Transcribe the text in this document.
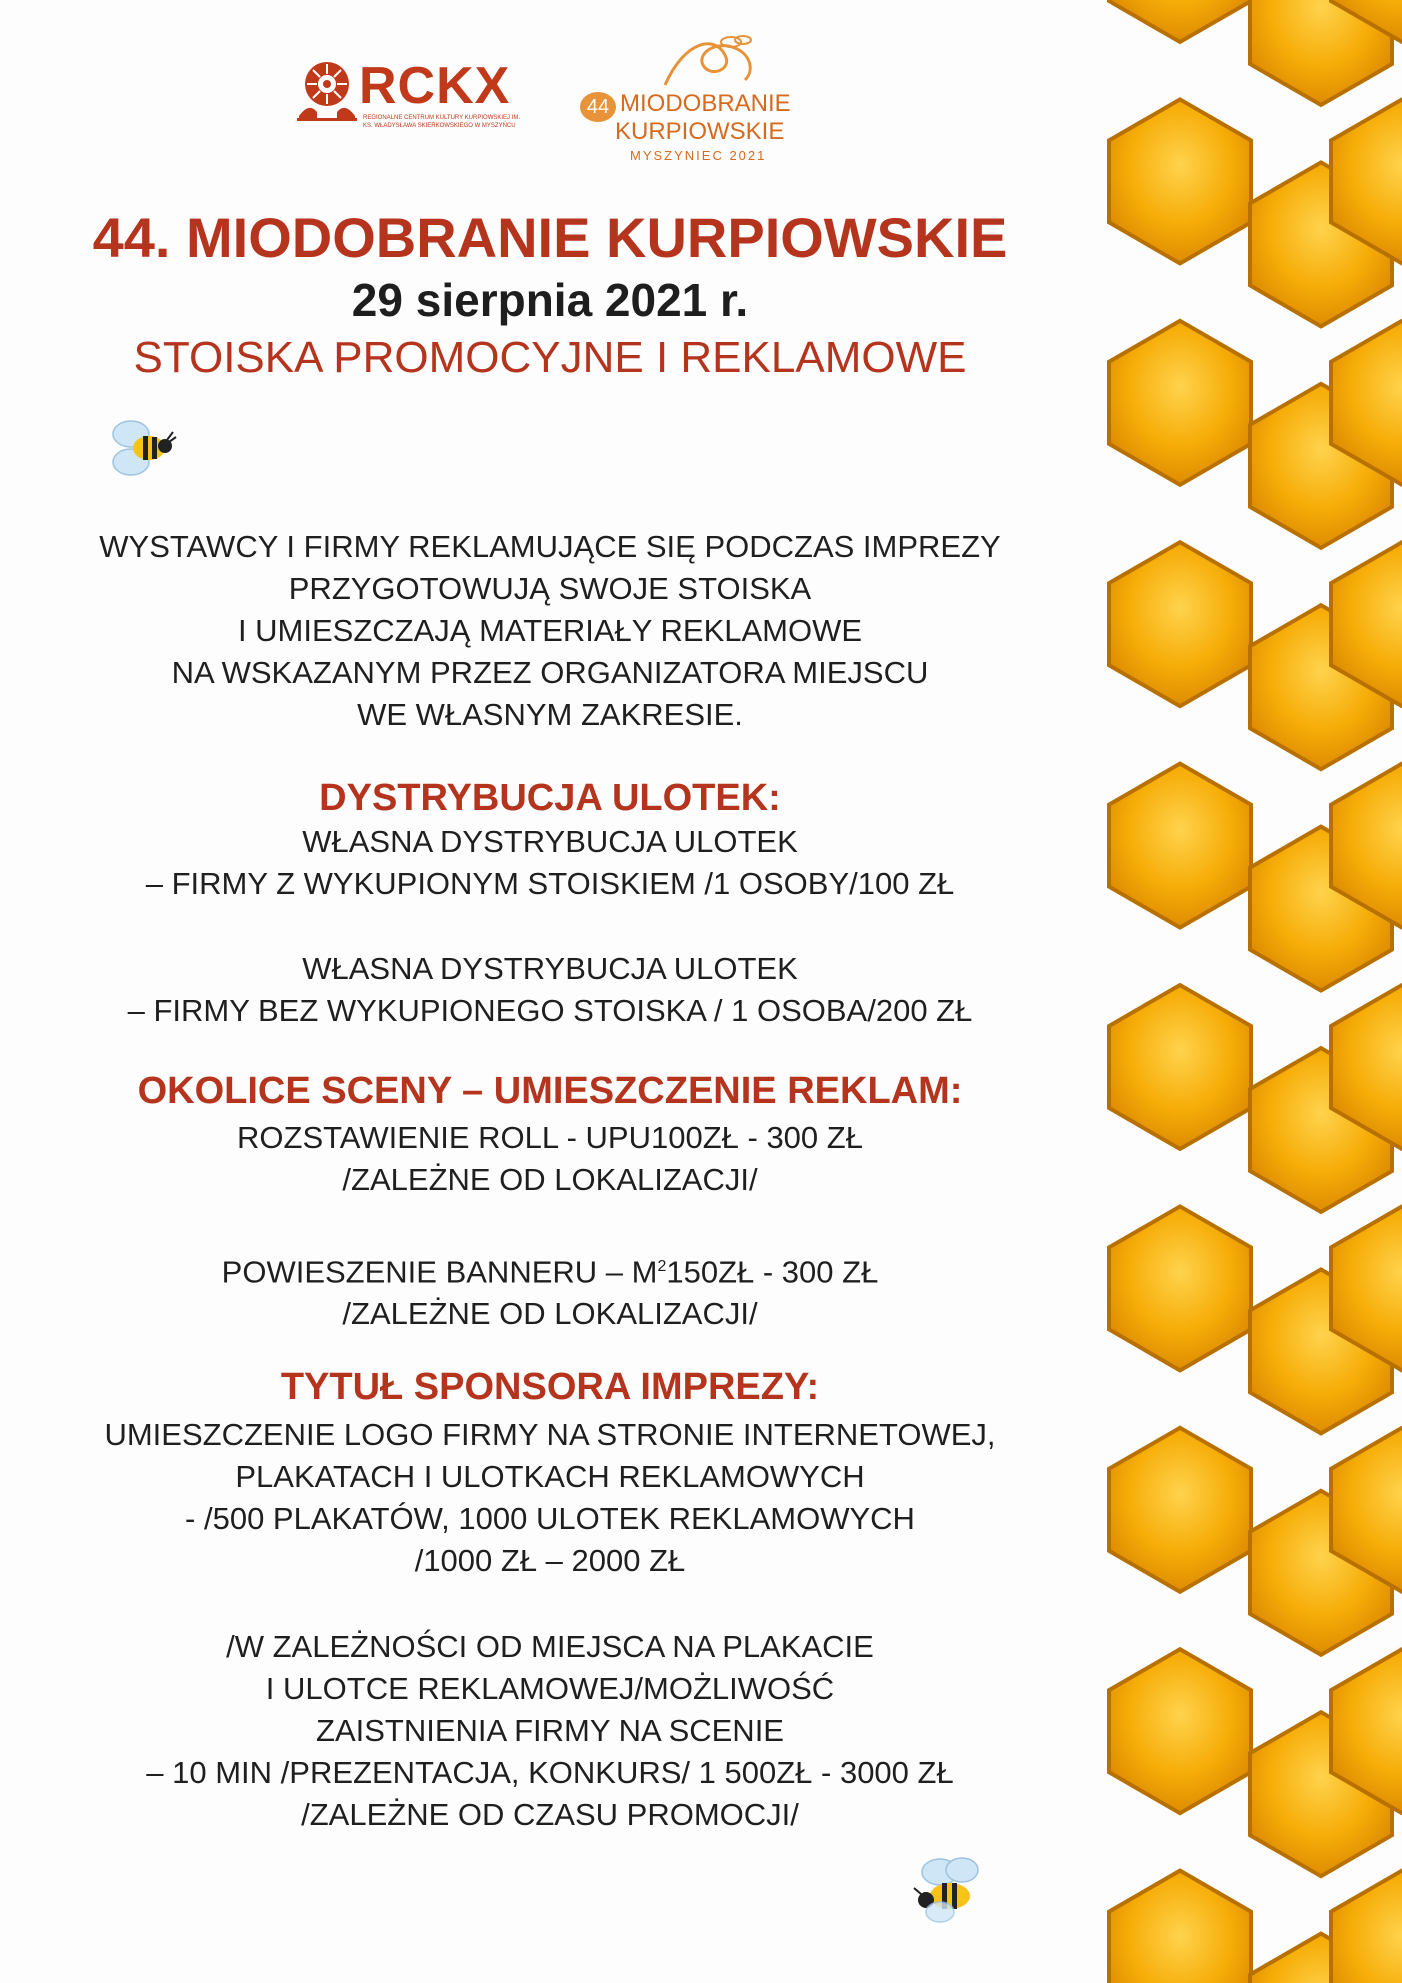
RCKX
REGIONALNE CENTRUM KULTURY KURPIOWSKIEJ IM. KS. WŁADYSŁAWA SKIERKOWSKIEGO W MYSZYŃCU
44 MIODOBRANIE
KURPIOWSKIE
MYSZYNIEC 2021
44. MIODOBRANIE KURPIOWSKIE
29 sierpnia 2021 r.
STOISKA PROMOCYJNE I REKLAMOWE
WYSTAWCY I FIRMY REKLAMUJĄCE SIĘ PODCZAS IMPREZY
PRZYGOTOWUJĄ SWOJE STOISKA
I UMIESZCZAJĄ MATERIAŁY REKLAMOWE
NA WSKAZANYM PRZEZ ORGANIZATORA MIEJSCU
WE WŁASNYM ZAKRESIE.
DYSTRYBUCJA ULOTEK:
WŁASNA DYSTRYBUCJA ULOTEK
– FIRMY Z WYKUPIONYM STOISKIEM /1 OSOBY/100 ZŁ
WŁASNA DYSTRYBUCJA ULOTEK
– FIRMY BEZ WYKUPIONEGO STOISKA / 1 OSOBA/200 ZŁ
OKOLICE SCENY – UMIESZCZENIE REKLAM:
ROZSTAWIENIE ROLL - UPU100ZŁ - 300 ZŁ
/ZALEŻNE OD LOKALIZACJI/
POWIESZENIE BANNERU – $M^2150ZŁ - 300$ ZŁ
/ZALEŻNE OD LOKALIZACJI/
TYTUŁ SPONSORA IMPREZY:
UMIESZCZENIE LOGO FIRMY NA STRONIE INTERNETOWEJ,
PLAKATACH I ULOTKACH REKLAMOWYCH
- /500 PLAKATÓW, 1000 ULOTEK REKLAMOWYCH
/1000 ZŁ – 2000 ZŁ
/W ZALEŻNOŚCI OD MIEJSCA NA PLAKACIE
I ULOTCE REKLAMOWEJ/MOŻLIWOŚĆ
ZAISTNIENIA FIRMY NA SCENIE
– 10 MIN /PREZENTACJA, KONKURS/ 1 500ZŁ - 3000 ZŁ
/ZALEŻNE OD CZASU PROMOCJI/
